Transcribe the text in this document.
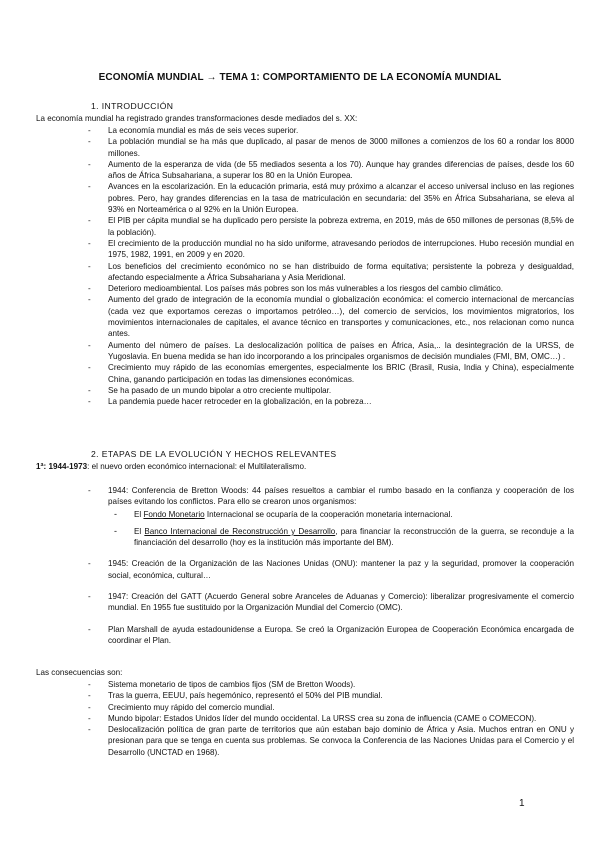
ECONOMÍA MUNDIAL → TEMA 1: COMPORTAMIENTO DE LA ECONOMÍA MUNDIAL
1. INTRODUCCIÓN
La economía mundial ha registrado grandes transformaciones desde mediados del s. XX:
- La economía mundial es más de seis veces superior.
- La población mundial se ha más que duplicado, al pasar de menos de 3000 millones a comienzos de los 60 a rondar los 8000 millones.
- Aumento de la esperanza de vida (de 55 mediados sesenta a los 70). Aunque hay grandes diferencias de países, desde los 60 años de África Subsahariana, a superar los 80 en la Unión Europea.
- Avances en la escolarización. En la educación primaria, está muy próximo a alcanzar el acceso universal incluso en las regiones pobres. Pero, hay grandes diferencias en la tasa de matriculación en secundaria: del 35% en África Subsahariana, se eleva al 93% en Norteamérica o al 92% en la Unión Europea.
- El PIB per cápita mundial se ha duplicado pero persiste la pobreza extrema, en 2019, más de 650 millones de personas (8,5% de la población).
- El crecimiento de la producción mundial no ha sido uniforme, atravesando periodos de interrupciones. Hubo recesión mundial en 1975, 1982, 1991, en 2009 y en 2020.
- Los beneficios del crecimiento económico no se han distribuido de forma equitativa; persistente la pobreza y desigualdad, afectando especialmente a África Subsahariana y Asia Meridional.
- Deterioro medioambiental. Los países más pobres son los más vulnerables a los riesgos del cambio climático.
- Aumento del grado de integración de la economía mundial o globalización económica: el comercio internacional de mercancías (cada vez que exportamos cerezas o importamos petróleo…), del comercio de servicios, los movimientos migratorios, los movimientos internacionales de capitales, el avance técnico en transportes y comunicaciones, etc., nos relacionan como nunca antes.
- Aumento del número de países. La deslocalización política de países en África, Asia,.. la desintegración de la URSS, de Yugoslavia. En buena medida se han ido incorporando a los principales organismos de decisión mundiales (FMI, BM, OMC…) .
- Crecimiento muy rápido de las economías emergentes, especialmente los BRIC (Brasil, Rusia, India y China), especialmente China, ganando participación en todas las dimensiones económicas.
- Se ha pasado de un mundo bipolar a otro creciente multipolar.
- La pandemia puede hacer retroceder en la globalización, en la pobreza…
2. ETAPAS DE LA EVOLUCIÓN Y HECHOS RELEVANTES
1ª: 1944-1973: el nuevo orden económico internacional: el Multilateralismo.
- 1944: Conferencia de Bretton Woods: 44 países resueltos a cambiar el rumbo basado en la confianza y cooperación de los países evitando los conflictos. Para ello se crearon unos organismos:
- El Fondo Monetario Internacional se ocuparía de la cooperación monetaria internacional.
- El Banco Internacional de Reconstrucción y Desarrollo, para financiar la reconstrucción de la guerra, se reconduje a la financiación del desarrollo (hoy es la institución más importante del BM).
- 1945: Creación de la Organización de las Naciones Unidas (ONU): mantener la paz y la seguridad, promover la cooperación social, económica, cultural…
- 1947: Creación del GATT (Acuerdo General sobre Aranceles de Aduanas y Comercio): liberalizar progresivamente el comercio mundial. En 1955 fue sustituido por la Organización Mundial del Comercio (OMC).
- Plan Marshall de ayuda estadounidense a Europa. Se creó la Organización Europea de Cooperación Económica encargada de coordinar el Plan.
Las consecuencias son:
- Sistema monetario de tipos de cambios fijos (SM de Bretton Woods).
- Tras la guerra, EEUU, país hegemónico, representó el 50% del PIB mundial.
- Crecimiento muy rápido del comercio mundial.
- Mundo bipolar: Estados Unidos líder del mundo occidental. La URSS crea su zona de influencia (CAME o COMECON).
- Deslocalización política de gran parte de territorios que aún estaban bajo dominio de África y Asia. Muchos entran en ONU y presionan para que se tenga en cuenta sus problemas. Se convoca la Conferencia de las Naciones Unidas para el Comercio y el Desarrollo (UNCTAD en 1968).
1
